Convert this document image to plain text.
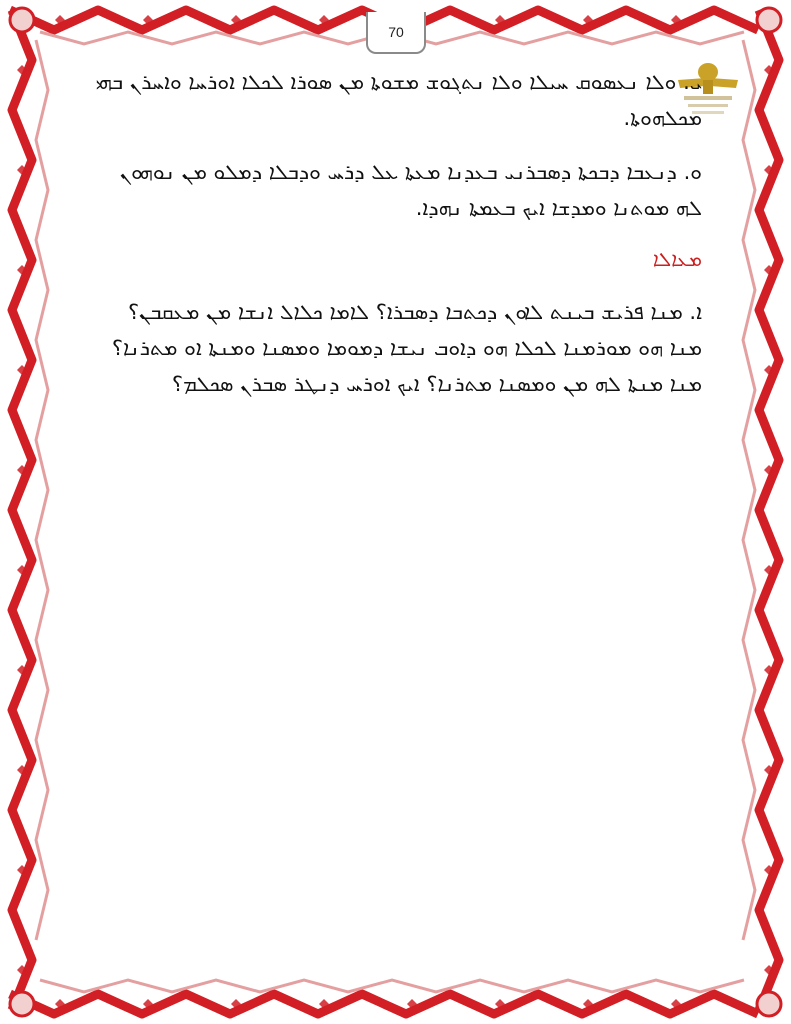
70

ܝ. ܘܠܐ ܢܥܣܘܩ ܚܝܠܐ ܘܠܐ ܢܬܓܘܫ ܡܫܘܬܐ ܡܢ ܣܘܪܐ ܠܟܠܐ ܐܘܪܚܐ ܘܐܚܪܢ ܒܗܝ ܡܟܠܗܘܬܐ.

ܘ. ܕܢܥܒܐ ܕܒܟܬܐ ܕܣܒܪܢܝ ܒܥܕܢܐ ܡܥܬܐ ܥܠ ܕܪܚ ܘܕܒܠܐ ܕܡܠܘ ܡܢ ܢܘܗܘܢ ܠܗ ܡܘܬܢܐ ܘܡܕܫܐ ܐܝܟ ܒܥܡܬܐ ܢܗܕܐ.

ܡܥܐܠܐ

ܐ. ܡܢܐ ܦܪܝܫ ܒܝܢܬ ܠܐܘܢ ܕܟܬܒܐ ܕܣܒܪܐ؟ ܠܐܡܐ ܟܠܐܠ ܐܢܫܐ ܡܢ ܡܥܩܒܢ؟ ܡܢܐ ܗܘ ܡܘܪܡܢܐ ܠܟܠܐ ܗܘ ܕܐܘܒ ܢܝܫܐ ܕܡܘܡܐ ܘܡܣܢܐ ܘܡܢܬܐ ܐܘ ܡܬܪܢܐ؟ ܡܢܐ ܡܢܬܐ ܠܗ ܡܢ ܘܡܣܢܐ ܡܬܪܢܐ؟ ܐܝܟ ܐܘܪܚ ܕܢܛܪ ܣܒܪܢ ܣܟܠܡ؟
